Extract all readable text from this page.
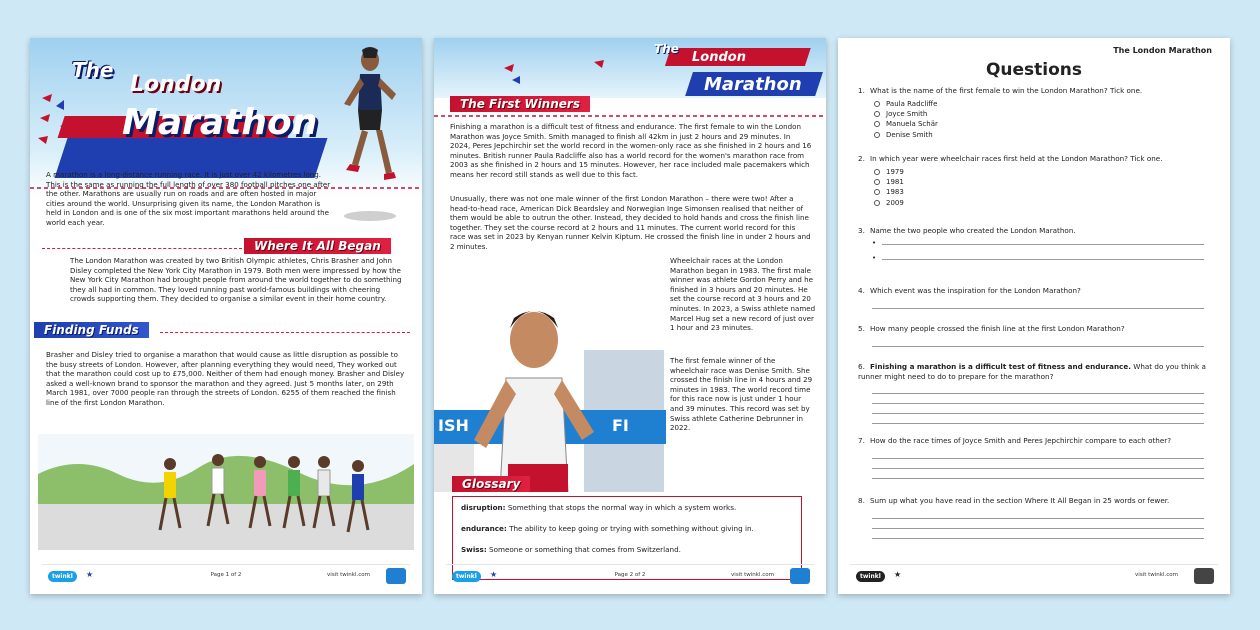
The
London
Marathon

A marathon is a long-distance running race. It is just over 42 kilometres long. This is the same as running the full length of over 380 football pitches one after the other. Marathons are usually run on roads and are often hosted in major cities around the world. Unsurprising given its name, the London Marathon is held in London and is one of the six most important marathons held around the world each year.

Where It All Began

The London Marathon was created by two British Olympic athletes, Chris Brasher and John Disley completed the New York City Marathon in 1979. Both men were impressed by how the New York City Marathon had brought people from around the world together to do something they all had in common. They loved running past world-famous buildings with cheering crowds supporting them. They decided to organise a similar event in their home country.

Finding Funds

Brasher and Disley tried to organise a marathon that would cause as little disruption as possible to the busy streets of London. However, after planning everything they would need, They worked out that the marathon could cost up to £75,000. Neither of them had enough money. Brasher and Disley asked a well-known brand to sponsor the marathon and they agreed. Just 5 months later, on 29th March 1981, over 7000 people ran through the streets of London. 6255 of them reached the finish line of the first London Marathon.

twinkl	★	Page 1 of 2	visit twinkl.com
The
London
Marathon
The First Winners

Finishing a marathon is a difficult test of fitness and endurance. The first female to win the London Marathon was Joyce Smith. Smith managed to finish all 42km in just 2 hours and 29 minutes. In 2024, Peres Jepchirchir set the world record in the women-only race as she finished in 2 hours and 16 minutes. British runner Paula Radcliffe also has a world record for the women's marathon race from 2003 as she finished in 2 hours and 15 minutes. However, her race included male pacemakers which means her record still stands as well due to this fact.

Unusually, there was not one male winner of the first London Marathon – there were two! After a head-to-head race, American Dick Beardsley and Norwegian Inge Simonsen realised that neither of them would be able to outrun the other. Instead, they decided to hold hands and cross the finish line together. They set the course record at 2 hours and 11 minutes. The current world record for this race was set in 2023 by Kenyan runner Kelvin Kiptum. He crossed the finish line in under 2 hours and 2 minutes.

ISH	FI

Wheelchair races at the London Marathon began in 1983. The first male winner was athlete Gordon Perry and he finished in 3 hours and 20 minutes. He set the course record at 3 hours and 20 minutes. In 2023, a Swiss athlete named Marcel Hug set a new record of just over 1 hour and 23 minutes.

The first female winner of the wheelchair race was Denise Smith. She crossed the finish line in 4 hours and 29 minutes in 1983. The world record time for this race now is just under 1 hour and 39 minutes. This record was set by Swiss athlete Catherine Debrunner in 2022.

Glossary

disruption: Something that stops the normal way in which a system works.

endurance: The ability to keep going or trying with something without giving in.

Swiss: Someone or something that comes from Switzerland.

twinkl	★	Page 2 of 2	visit twinkl.com
The London Marathon
Questions
1. What is the name of the first female to win the London Marathon? Tick one.
Paula Radcliffe
Joyce Smith
Manuela Schär
Denise Smith
2. In which year were wheelchair races first held at the London Marathon? Tick one.
1979
1981
1983
2009
3. Name the two people who created the London Marathon.
•
•
4. Which event was the inspiration for the London Marathon?
5. How many people crossed the finish line at the first London Marathon?
6. Finishing a marathon is a difficult test of fitness and endurance. What do you think a runner might need to do to prepare for the marathon?
7. How do the race times of Joyce Smith and Peres Jepchirchir compare to each other?
8. Sum up what you have read in the section Where It All Began in 25 words or fewer.
twinkl	★	visit twinkl.com
